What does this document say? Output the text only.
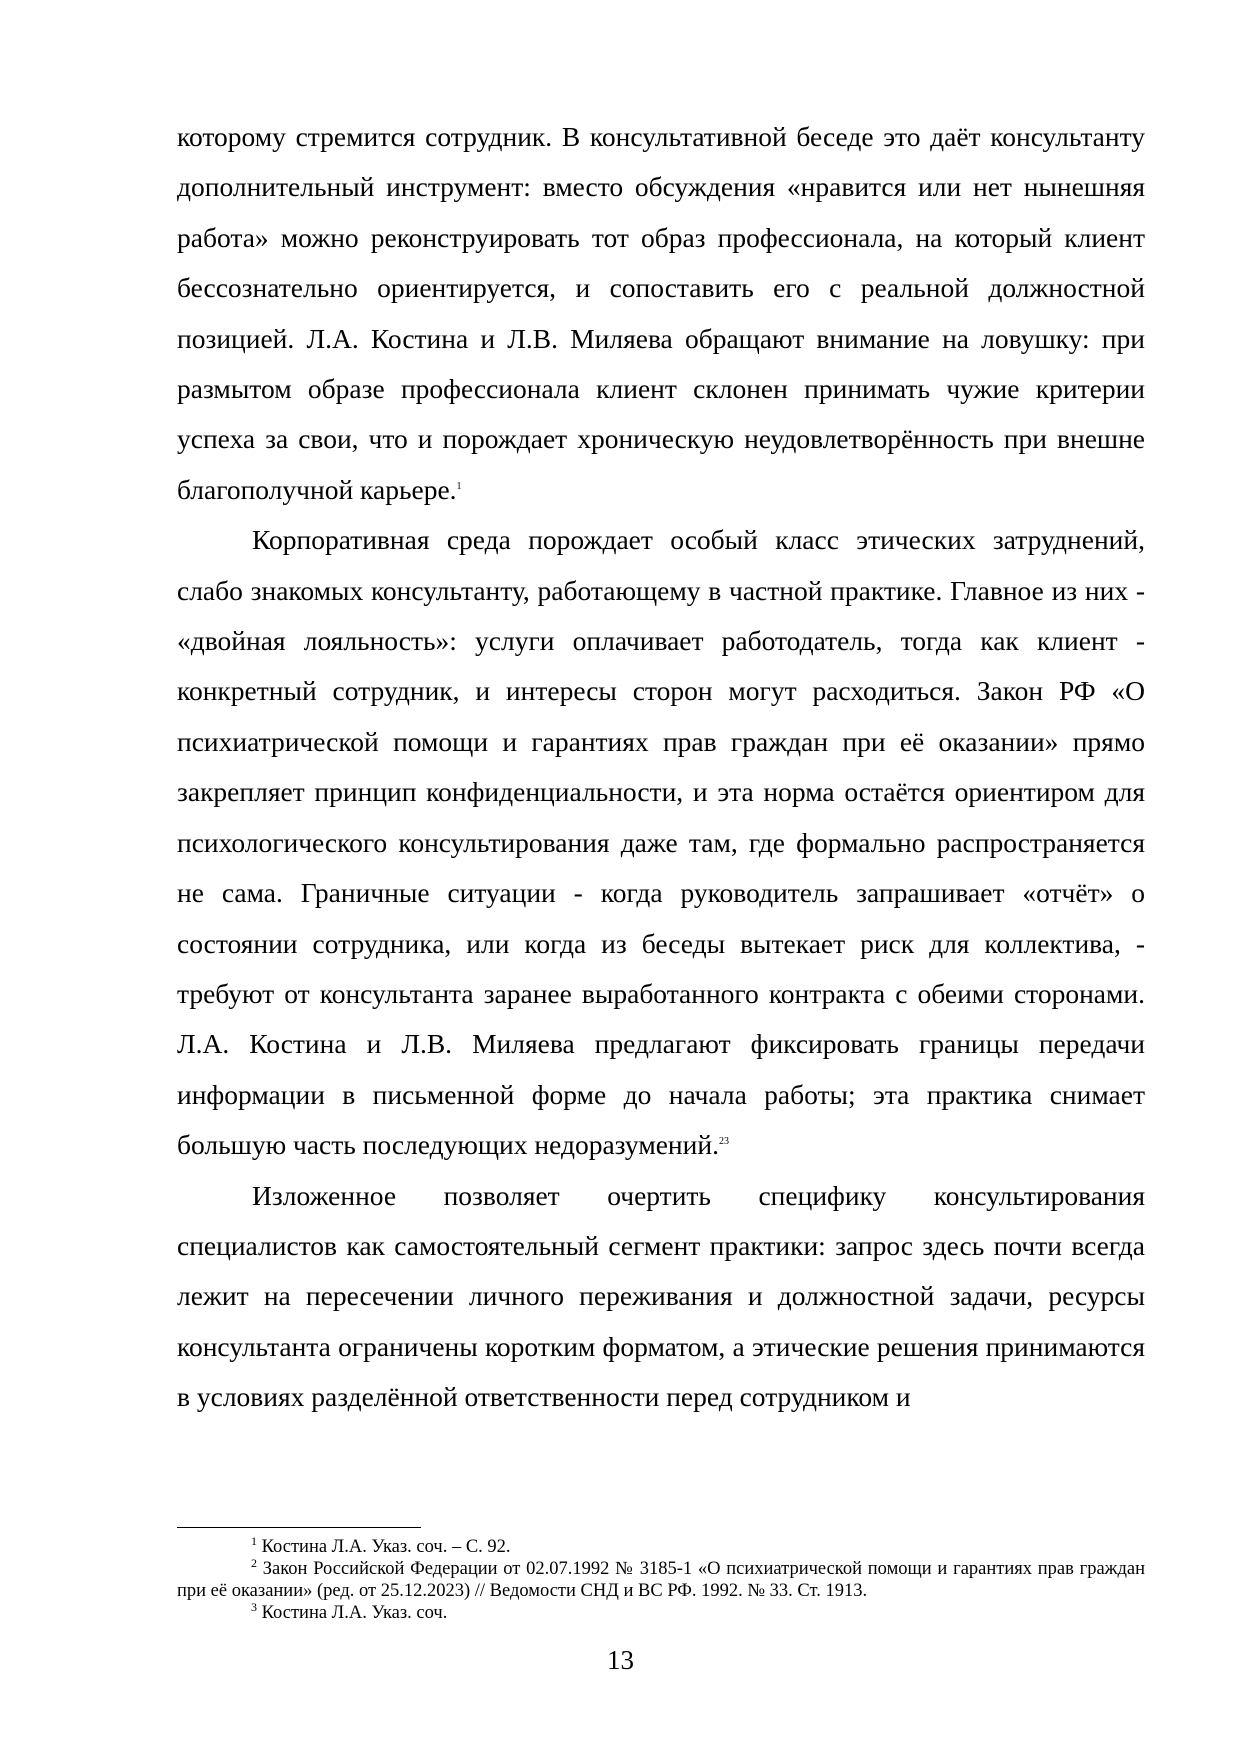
которому стремится сотрудник. В консультативной беседе это даёт консультанту дополнительный инструмент: вместо обсуждения «нравится или нет нынешняя работа» можно реконструировать тот образ профессионала, на который клиент бессознательно ориентируется, и сопоставить его с реальной должностной позицией. Л.А. Костина и Л.В. Миляева обращают внимание на ловушку: при размытом образе профессионала клиент склонен принимать чужие критерии успеха за свои, что и порождает хроническую неудовлетворённость при внешне благополучной карьере.$^1$

Корпоративная среда порождает особый класс этических затруднений, слабо знакомых консультанту, работающему в частной практике. Главное из них - «двойная лояльность»: услуги оплачивает работодатель, тогда как клиент - конкретный сотрудник, и интересы сторон могут расходиться. Закон РФ «О психиатрической помощи и гарантиях прав граждан при её оказании» прямо закрепляет принцип конфиденциальности, и эта норма остаётся ориентиром для психологического консультирования даже там, где формально распространяется не сама. Граничные ситуации - когда руководитель запрашивает «отчёт» о состоянии сотрудника, или когда из беседы вытекает риск для коллектива, - требуют от консультанта заранее выработанного контракта с обеими сторонами. Л.А. Костина и Л.В. Миляева предлагают фиксировать границы передачи информации в письменной форме до начала работы; эта практика снимает большую часть последующих недоразумений.$^{23}$

Изложенное позволяет очертить специфику консультирования специалистов как самостоятельный сегмент практики: запрос здесь почти всегда лежит на пересечении личного переживания и должностной задачи, ресурсы консультанта ограничены коротким форматом, а этические решения принимаются в условиях разделённой ответственности перед сотрудником и

$^1$ Костина Л.А. Указ. соч. – С. 92.

$^2$ Закон Российской Федерации от 02.07.1992 № 3185-1 «О психиатрической помощи и гарантиях прав граждан при её оказании» (ред. от 25.12.2023) // Ведомости СНД и ВС РФ. 1992. № 33. Ст. 1913.

$^3$ Костина Л.А. Указ. соч.

13
